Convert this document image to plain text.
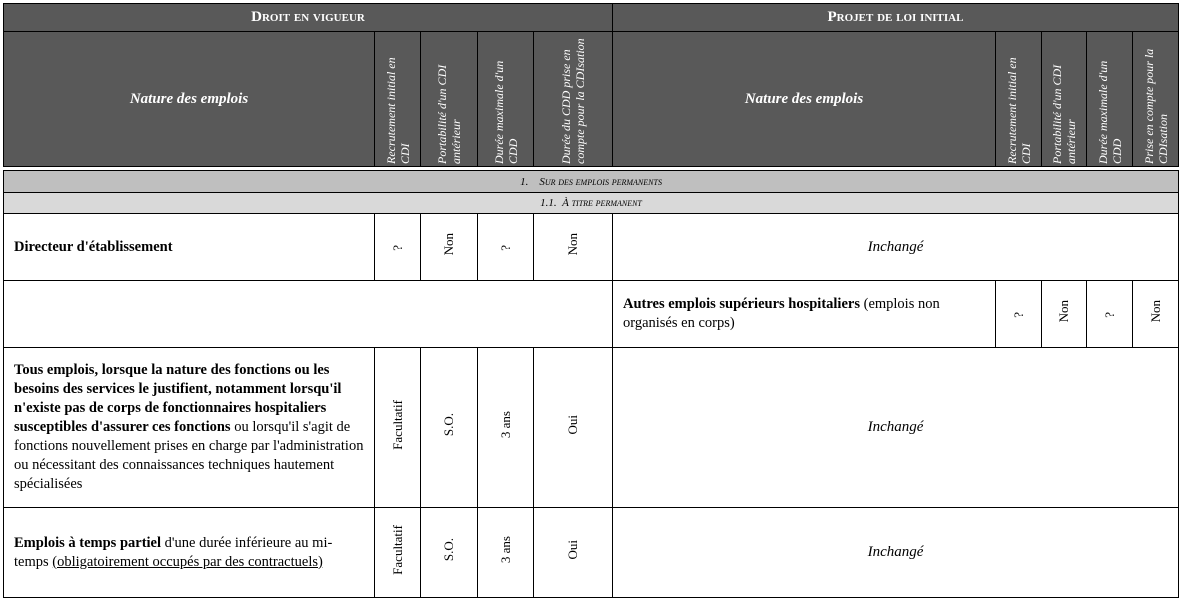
Droit en vigueur					Projet de loi initial				
Nature des emplois	Recrutement initial en CDI	Portabilité d'un CDI antérieur	Durée maximale d'un CDD	Durée du CDD prise en compte pour la CDIsation	Nature des emplois	Recrutement initial en CDI	Portabilité d'un CDI antérieur	Durée maximale d'un CDD	Prise en compte pour la CDIsation

1.    Sur des emplois permanents									
1.1.  À titre permanent									
Directeur d'établissement	?	Non	?	Non	Inchangé				
					Autres emplois supérieurs hospitaliers (emplois non organisés en corps)	?	Non	?	Non
Tous emplois, lorsque la nature des fonctions ou les besoins des services le justifient, notamment lorsqu'il n'existe pas de corps de fonctionnaires hospitaliers susceptibles d'assurer ces fonctions ou lorsqu'il s'agit de fonctions nouvellement prises en charge par l'administration ou nécessitant des connaissances techniques hautement spécialisées	Facultatif	S.O.	3 ans	Oui	Inchangé				
Emplois à temps partiel d'une durée inférieure au mi-temps (obligatoirement occupés par des contractuels)	Facultatif	S.O.	3 ans	Oui	Inchangé				
